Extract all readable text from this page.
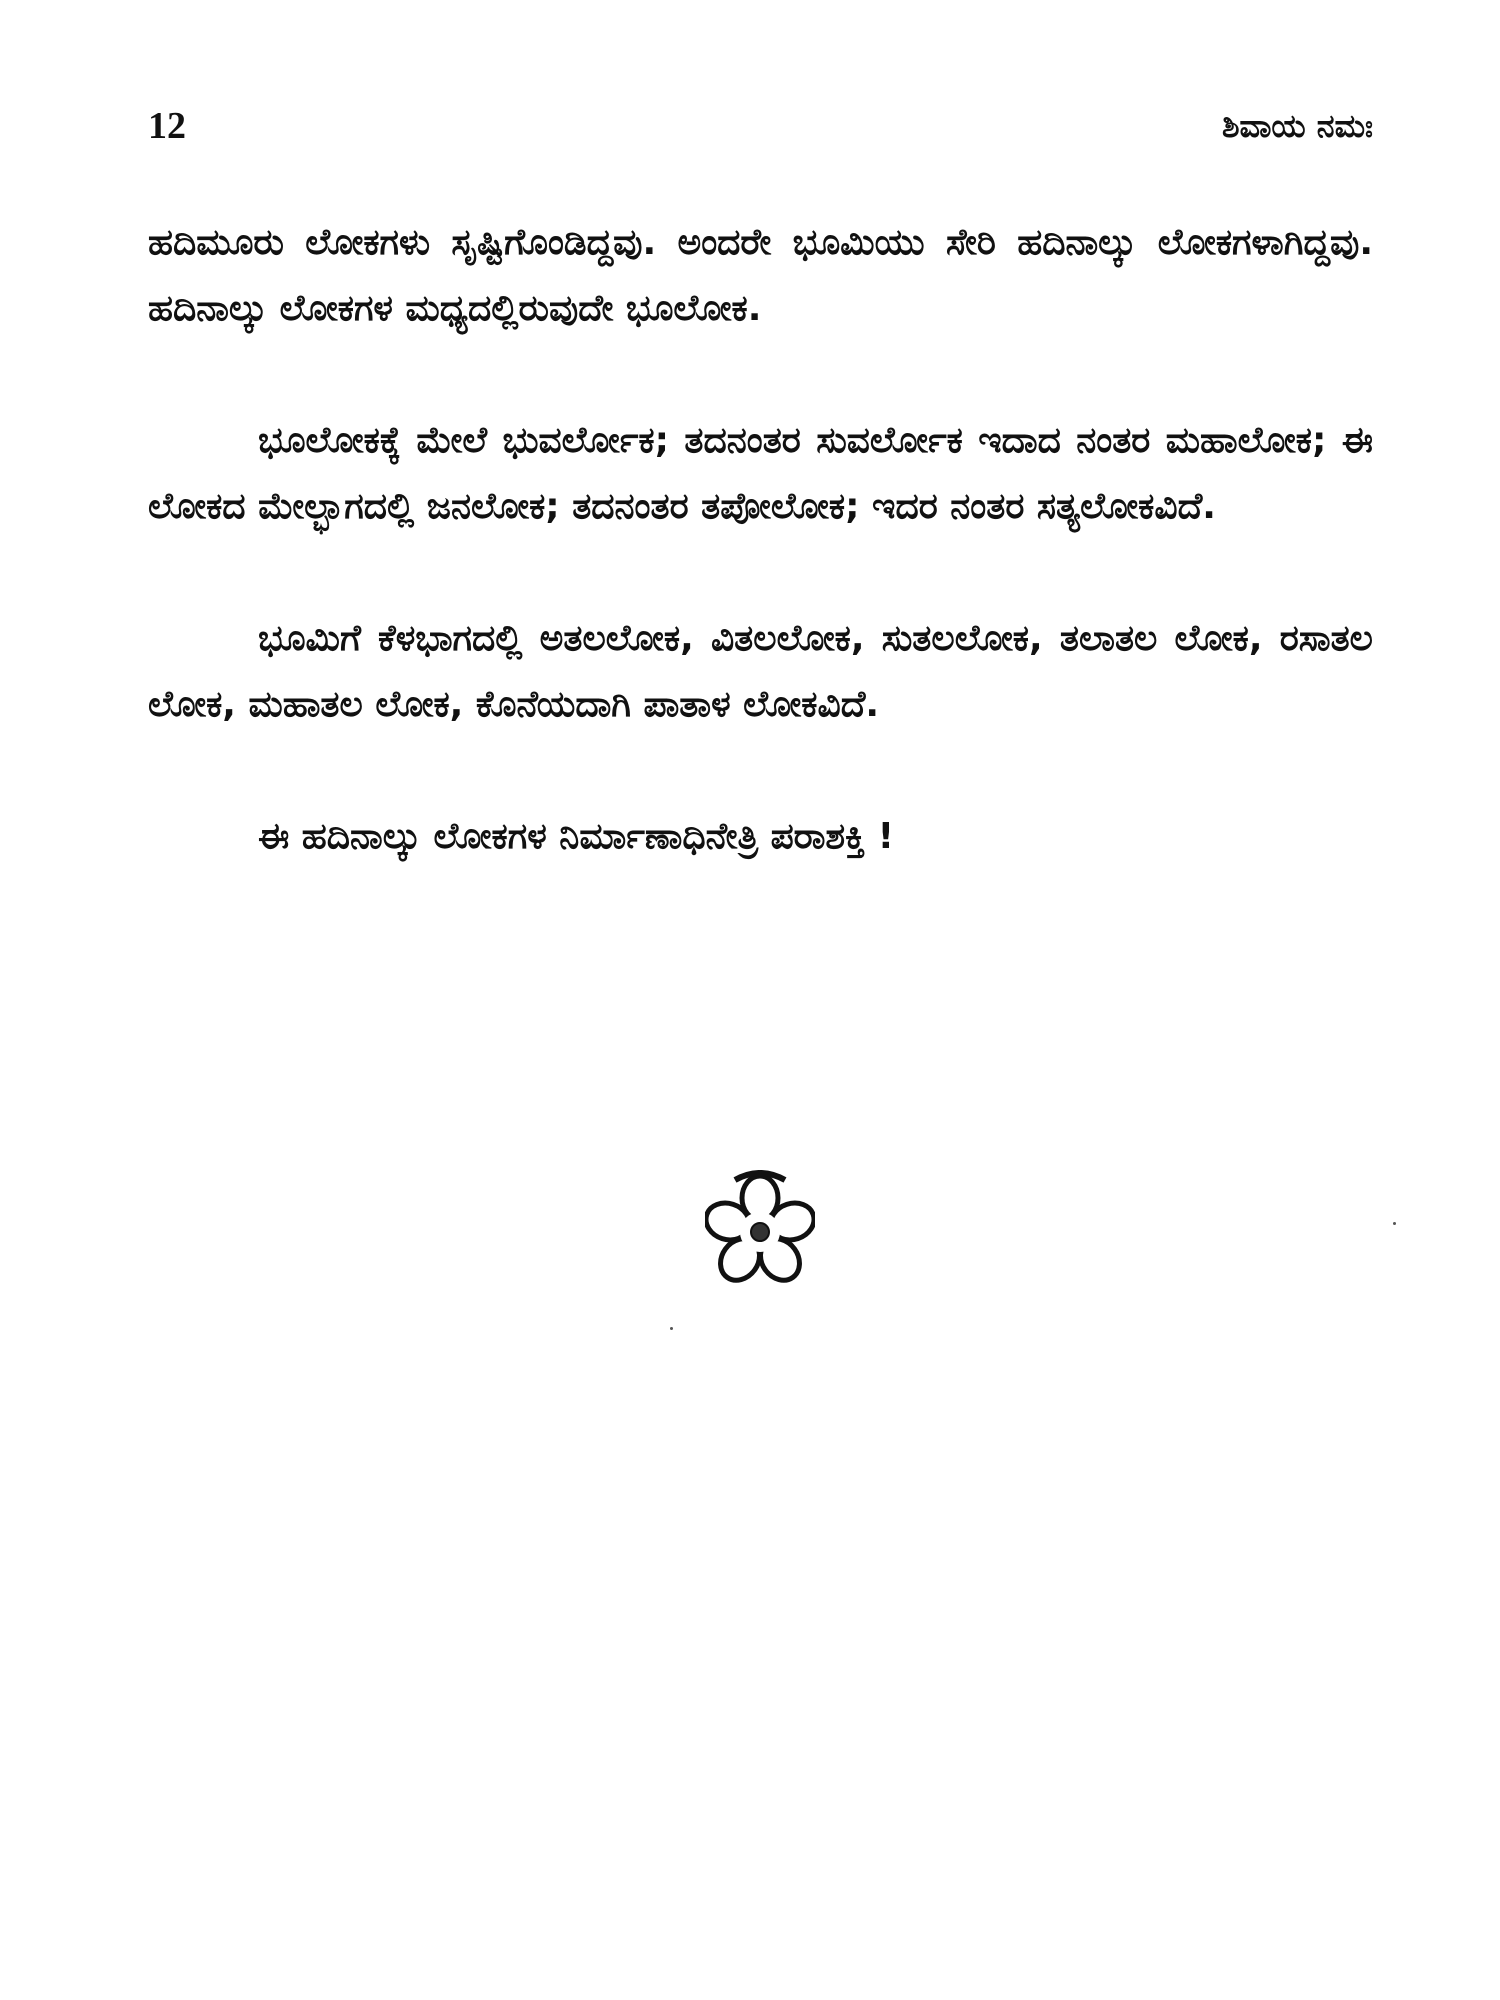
12	ಶಿವಾಯ ನಮಃ

ಹದಿಮೂರು ಲೋಕಗಳು ಸೃಷ್ಟಿಗೊಂಡಿದ್ದವು. ಅಂದರೇ ಭೂಮಿಯು ಸೇರಿ ಹದಿನಾಲ್ಕು ಲೋಕಗಳಾಗಿದ್ದವು. ಹದಿನಾಲ್ಕು ಲೋಕಗಳ ಮಧ್ಯದಲ್ಲಿರುವುದೇ ಭೂಲೋಕ.

ಭೂಲೋಕಕ್ಕೆ ಮೇಲೆ ಭುವರ್ಲೋಕ; ತದನಂತರ ಸುವರ್ಲೋಕ ಇದಾದ ನಂತರ ಮಹಾಲೋಕ; ಈ ಲೋಕದ ಮೇಲ್ಭಾಗದಲ್ಲಿ ಜನಲೋಕ; ತದನಂತರ ತಪೋಲೋಕ; ಇದರ ನಂತರ ಸತ್ಯಲೋಕವಿದೆ.

ಭೂಮಿಗೆ ಕೆಳಭಾಗದಲ್ಲಿ ಅತಲಲೋಕ, ವಿತಲಲೋಕ, ಸುತಲಲೋಕ, ತಲಾತಲ ಲೋಕ, ರಸಾತಲ ಲೋಕ, ಮಹಾತಲ ಲೋಕ, ಕೊನೆಯದಾಗಿ ಪಾತಾಳ ಲೋಕವಿದೆ.

ಈ ಹದಿನಾಲ್ಕು ಲೋಕಗಳ ನಿರ್ಮಾಣಾಧಿನೇತ್ರಿ ಪರಾಶಕ್ತಿ !
